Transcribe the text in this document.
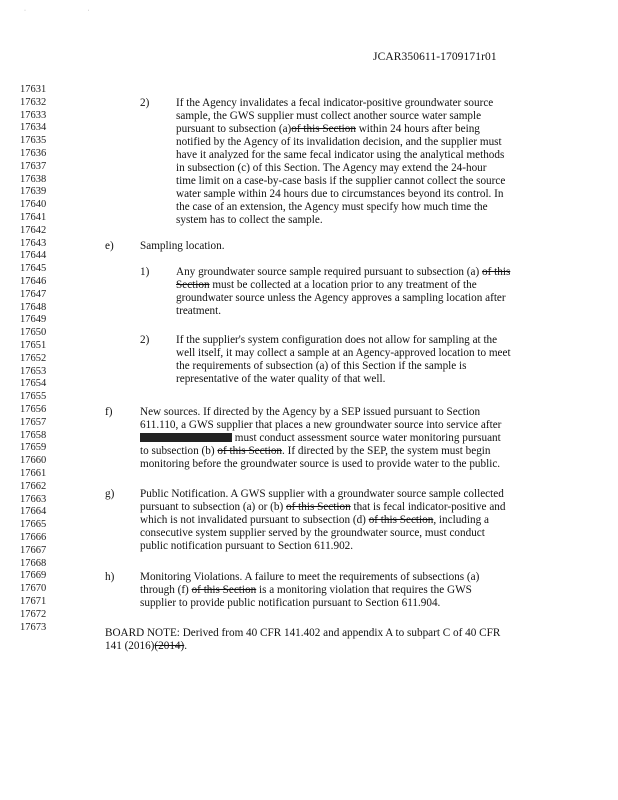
· ·
JCAR350611-1709171r01
17631
17632
17633
17634
17635
17636
17637
17638
17639
17640
17641
17642
17643
17644
17645
17646
17647
17648
17649
17650
17651
17652
17653
17654
17655
17656
17657
17658
17659
17660
17661
17662
17663
17664
17665
17666
17667
17668
17669
17670
17671
17672
17673
2) If the Agency invalidates a fecal indicator-positive groundwater source
sample, the GWS supplier must collect another source water sample
pursuant to subsection (a)of this Section within 24 hours after being
notified by the Agency of its invalidation decision, and the supplier must
have it analyzed for the same fecal indicator using the analytical methods
in subsection (c) of this Section. The Agency may extend the 24-hour
time limit on a case-by-case basis if the supplier cannot collect the source
water sample within 24 hours due to circumstances beyond its control. In
the case of an extension, the Agency must specify how much time the
system has to collect the sample.
e) Sampling location.
1) Any groundwater source sample required pursuant to subsection (a) of this
Section must be collected at a location prior to any treatment of the
groundwater source unless the Agency approves a sampling location after
treatment.
2) If the supplier's system configuration does not allow for sampling at the
well itself, it may collect a sample at an Agency-approved location to meet
the requirements of subsection (a) of this Section if the sample is
representative of the water quality of that well.
f) New sources. If directed by the Agency by a SEP issued pursuant to Section
611.110, a GWS supplier that places a new groundwater source into service after
must conduct assessment source water monitoring pursuant
to subsection (b) of this Section. If directed by the SEP, the system must begin
monitoring before the groundwater source is used to provide water to the public.
g) Public Notification. A GWS supplier with a groundwater source sample collected
pursuant to subsection (a) or (b) of this Section that is fecal indicator-positive and
which is not invalidated pursuant to subsection (d) of this Section, including a
consecutive system supplier served by the groundwater source, must conduct
public notification pursuant to Section 611.902.
h) Monitoring Violations. A failure to meet the requirements of subsections (a)
through (f) of this Section is a monitoring violation that requires the GWS
supplier to provide public notification pursuant to Section 611.904.
BOARD NOTE: Derived from 40 CFR 141.402 and appendix A to subpart C of 40 CFR
141 (2016)(2014).
